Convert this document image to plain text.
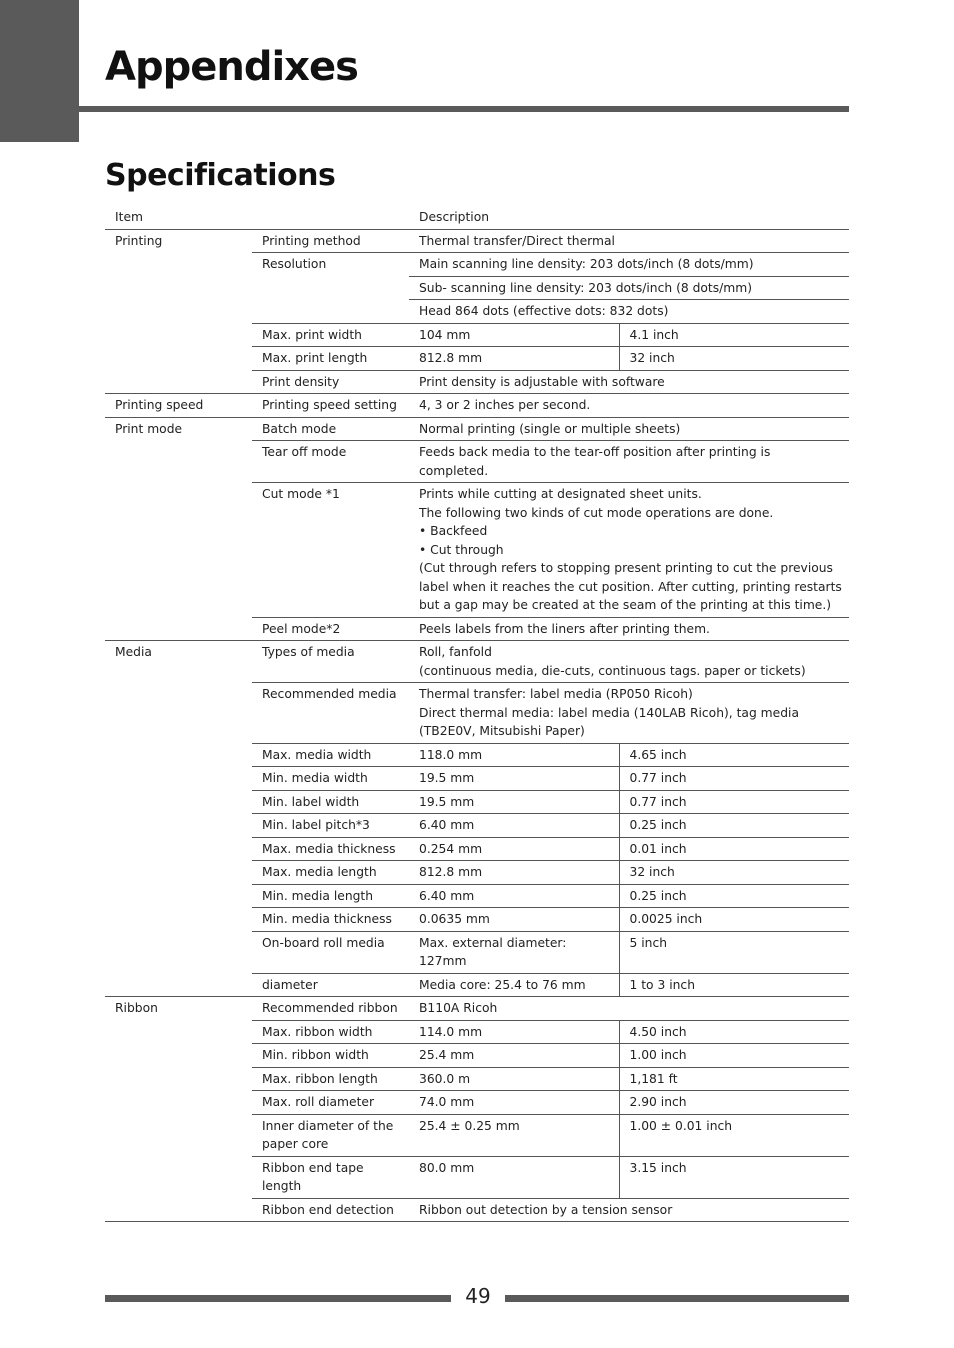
Appendixes
Specifications
Item		Description	
Printing	Printing method	Thermal transfer/Direct thermal	
	Resolution	Main scanning line density: 203 dots/inch (8 dots/mm)	
		Sub- scanning line density: 203 dots/inch (8 dots/mm)	
		Head 864 dots (effective dots: 832 dots)	
	Max. print width	104 mm	4.1 inch
	Max. print length	812.8 mm	32 inch
	Print density	Print density is adjustable with software	
Printing speed	Printing speed setting	4, 3 or 2 inches per second.	
Print mode	Batch mode	Normal printing (single or multiple sheets)	
	Tear off mode	Feeds back media to the tear-off position after printing is completed.	
	Cut mode *1	Prints while cutting at designated sheet units.
The following two kinds of cut mode operations are done.
• Backfeed
• Cut through
(Cut through refers to stopping present printing to cut the previous label when it reaches the cut position. After cutting, printing restarts but a gap may be created at the seam of the printing at this time.)	
	Peel mode*2	Peels labels from the liners after printing them.	
Media	Types of media	Roll, fanfold
(continuous media, die-cuts, continuous tags. paper or tickets)	
	Recommended media	Thermal transfer: label media (RP050 Ricoh)
Direct thermal media: label media (140LAB Ricoh), tag media (TB2E0V, Mitsubishi Paper)	
	Max. media width	118.0 mm	4.65 inch
	Min. media width	19.5 mm	0.77 inch
	Min. label width	19.5 mm	0.77 inch
	Min. label pitch*3	6.40 mm	0.25 inch
	Max. media thickness	0.254 mm	0.01 inch
	Max. media length	812.8 mm	32 inch
	Min. media length	6.40 mm	0.25 inch
	Min. media thickness	0.0635 mm	0.0025 inch
	On-board roll media	Max. external diameter: 127mm	5 inch
	diameter	Media core: 25.4 to 76 mm	1 to 3 inch
Ribbon	Recommended ribbon	B110A Ricoh	
	Max. ribbon width	114.0 mm	4.50 inch
	Min. ribbon width	25.4 mm	1.00 inch
	Max. ribbon length	360.0 m	1,181 ft
	Max. roll diameter	74.0 mm	2.90 inch
	Inner diameter of the paper core	25.4 ± 0.25 mm	1.00 ± 0.01 inch
	Ribbon end tape length	80.0 mm	3.15 inch
	Ribbon end detection	Ribbon out detection by a tension sensor	
49
